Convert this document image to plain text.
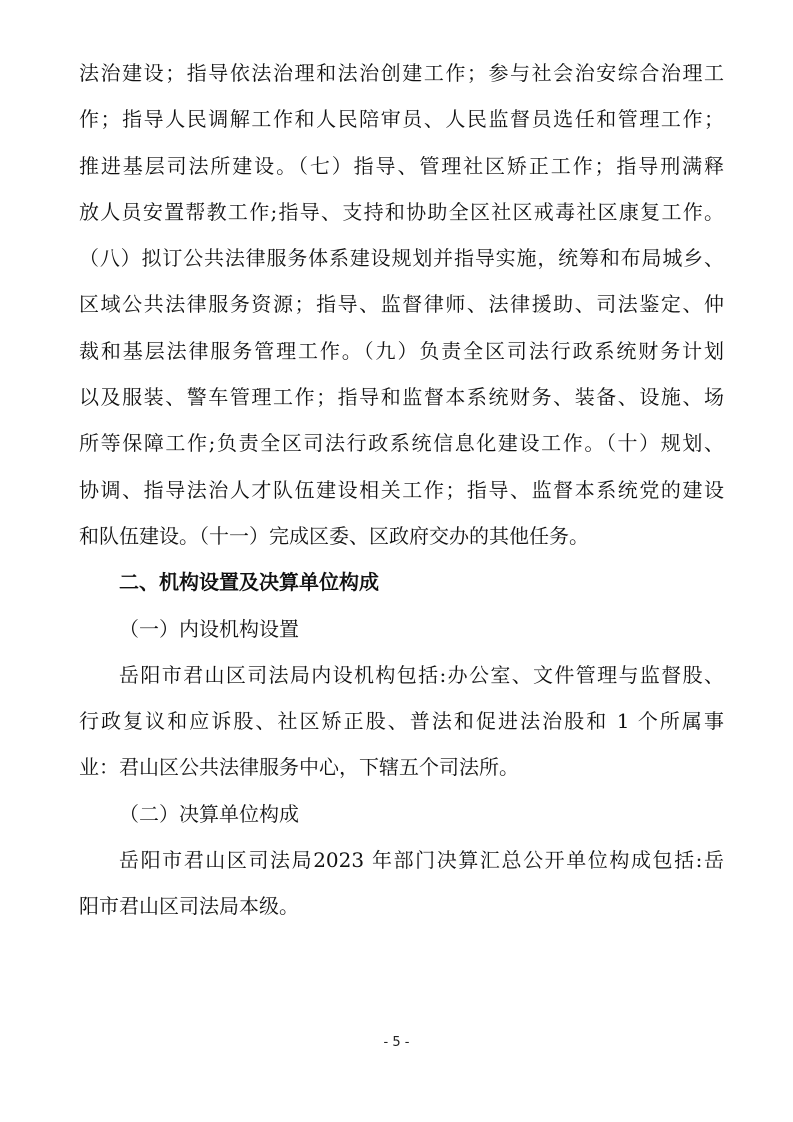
法治建设；指导依法治理和法治创建工作；参与社会治安综合治理工
作；指导人民调解工作和人民陪审员、人民监督员选任和管理工作；
推进基层司法所建设。（七）指导、管理社区矫正工作；指导刑满释
放人员安置帮教工作;指导、支持和协助全区社区戒毒社区康复工作。
（八）拟订公共法律服务体系建设规划并指导实施，统筹和布局城乡、
区域公共法律服务资源；指导、监督律师、法律援助、司法鉴定、仲
裁和基层法律服务管理工作。（九）负责全区司法行政系统财务计划
以及服装、警车管理工作；指导和监督本系统财务、装备、设施、场
所等保障工作;负责全区司法行政系统信息化建设工作。（十）规划、
协调、指导法治人才队伍建设相关工作；指导、监督本系统党的建设
和队伍建设。（十一）完成区委、区政府交办的其他任务。
二、机构设置及决算单位构成
（一）内设机构设置
岳阳市君山区司法局内设机构包括:办公室、文件管理与监督股、
行政复议和应诉股、社区矫正股、普法和促进法治股和 1 个所属事
业：君山区公共法律服务中心，下辖五个司法所。
（二）决算单位构成
岳阳市君山区司法局2023 年部门决算汇总公开单位构成包括:岳
阳市君山区司法局本级。
- 5 -
